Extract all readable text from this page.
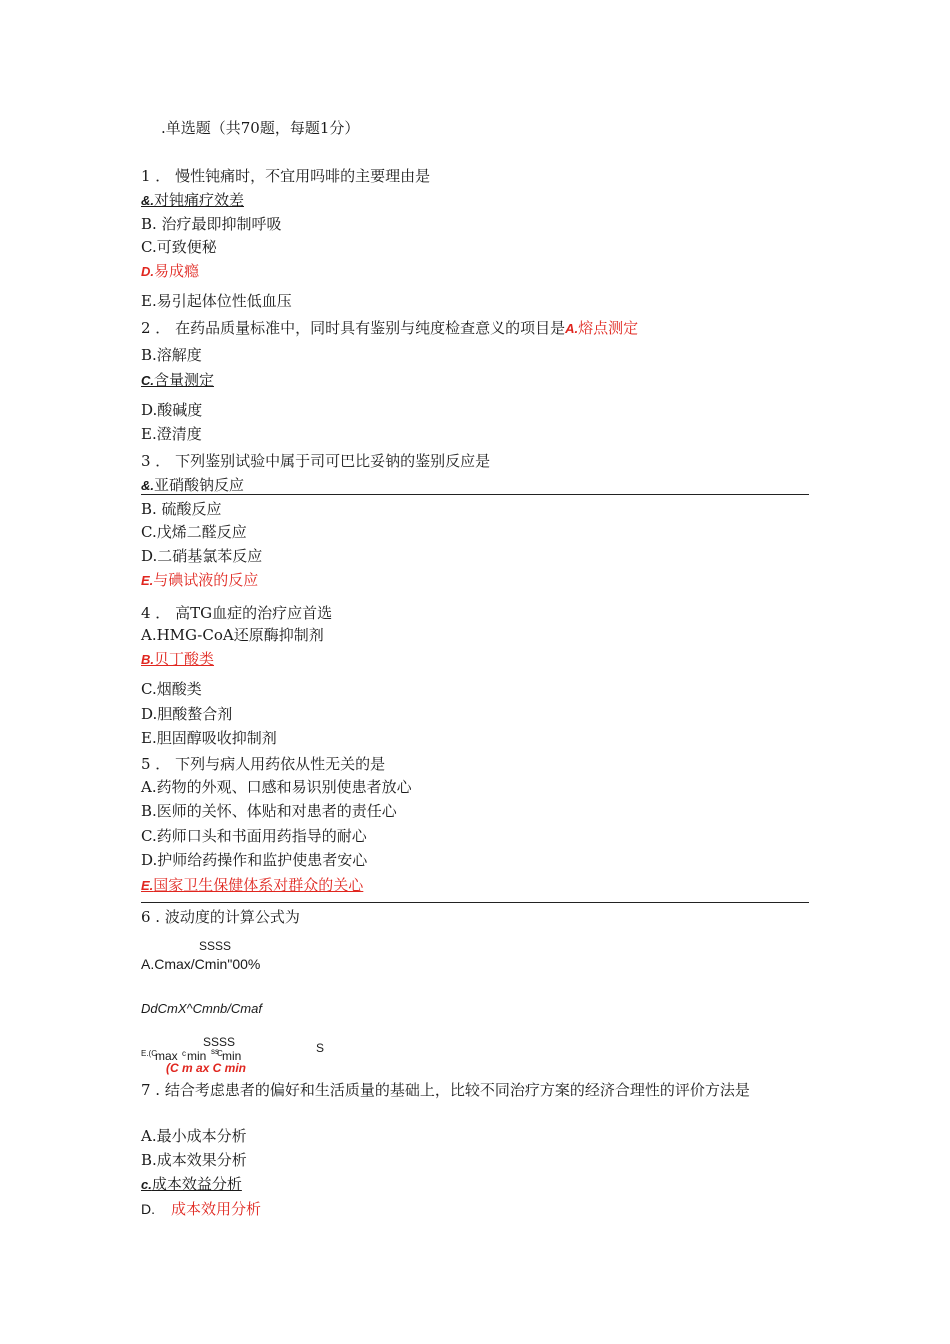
.单选题（共70题，每题1分）
1 ． 慢性钝痛时，不宜用吗啡的主要理由是
&.对钝痛疗效差
B. 治疗最即抑制呼吸
C.可致便秘
D.易成瘾
E.易引起体位性低血压
2 ． 在药品质量标准中，同时具有鉴别与纯度检查意义的项目是A.熔点测定
B.溶解度
C.含量测定
D.酸碱度
E.澄清度
3 ． 下列鉴别试验中属于司可巴比妥钠的鉴别反应是
&.亚硝酸钠反应
B. 硫酸反应
C.戊烯二醛反应
D.二硝基氯苯反应
E.与碘试液的反应
4 ． 高TG血症的治疗应首选
A.HMG-CoA还原酶抑制剂
B.贝丁酸类
C.烟酸类
D.胆酸螯合剂
E.胆固醇吸收抑制剂
5 ． 下列与病人用药依从性无关的是
A.药物的外观、口感和易识别使患者放心
B.医师的关怀、体贴和对患者的责任心
C.药师口头和书面用药指导的耐心
D.护师给药操作和监护使患者安心
E.国家卫生保健体系对群众的关心
6 . 波动度的计算公式为
SSSS
A.Cmax/Cmin"00%
DdCmX^Cmnb/Cmaf
SSSS	S
E.(C
max c min ss
C min
(C m ax C min
7 . 结合考虑患者的偏好和生活质量的基础上，比较不同治疗方案的经济合理性的评价方法是
A.最小成本分析
B.成本效果分析
c.成本效益分析
D. 成本效用分析
